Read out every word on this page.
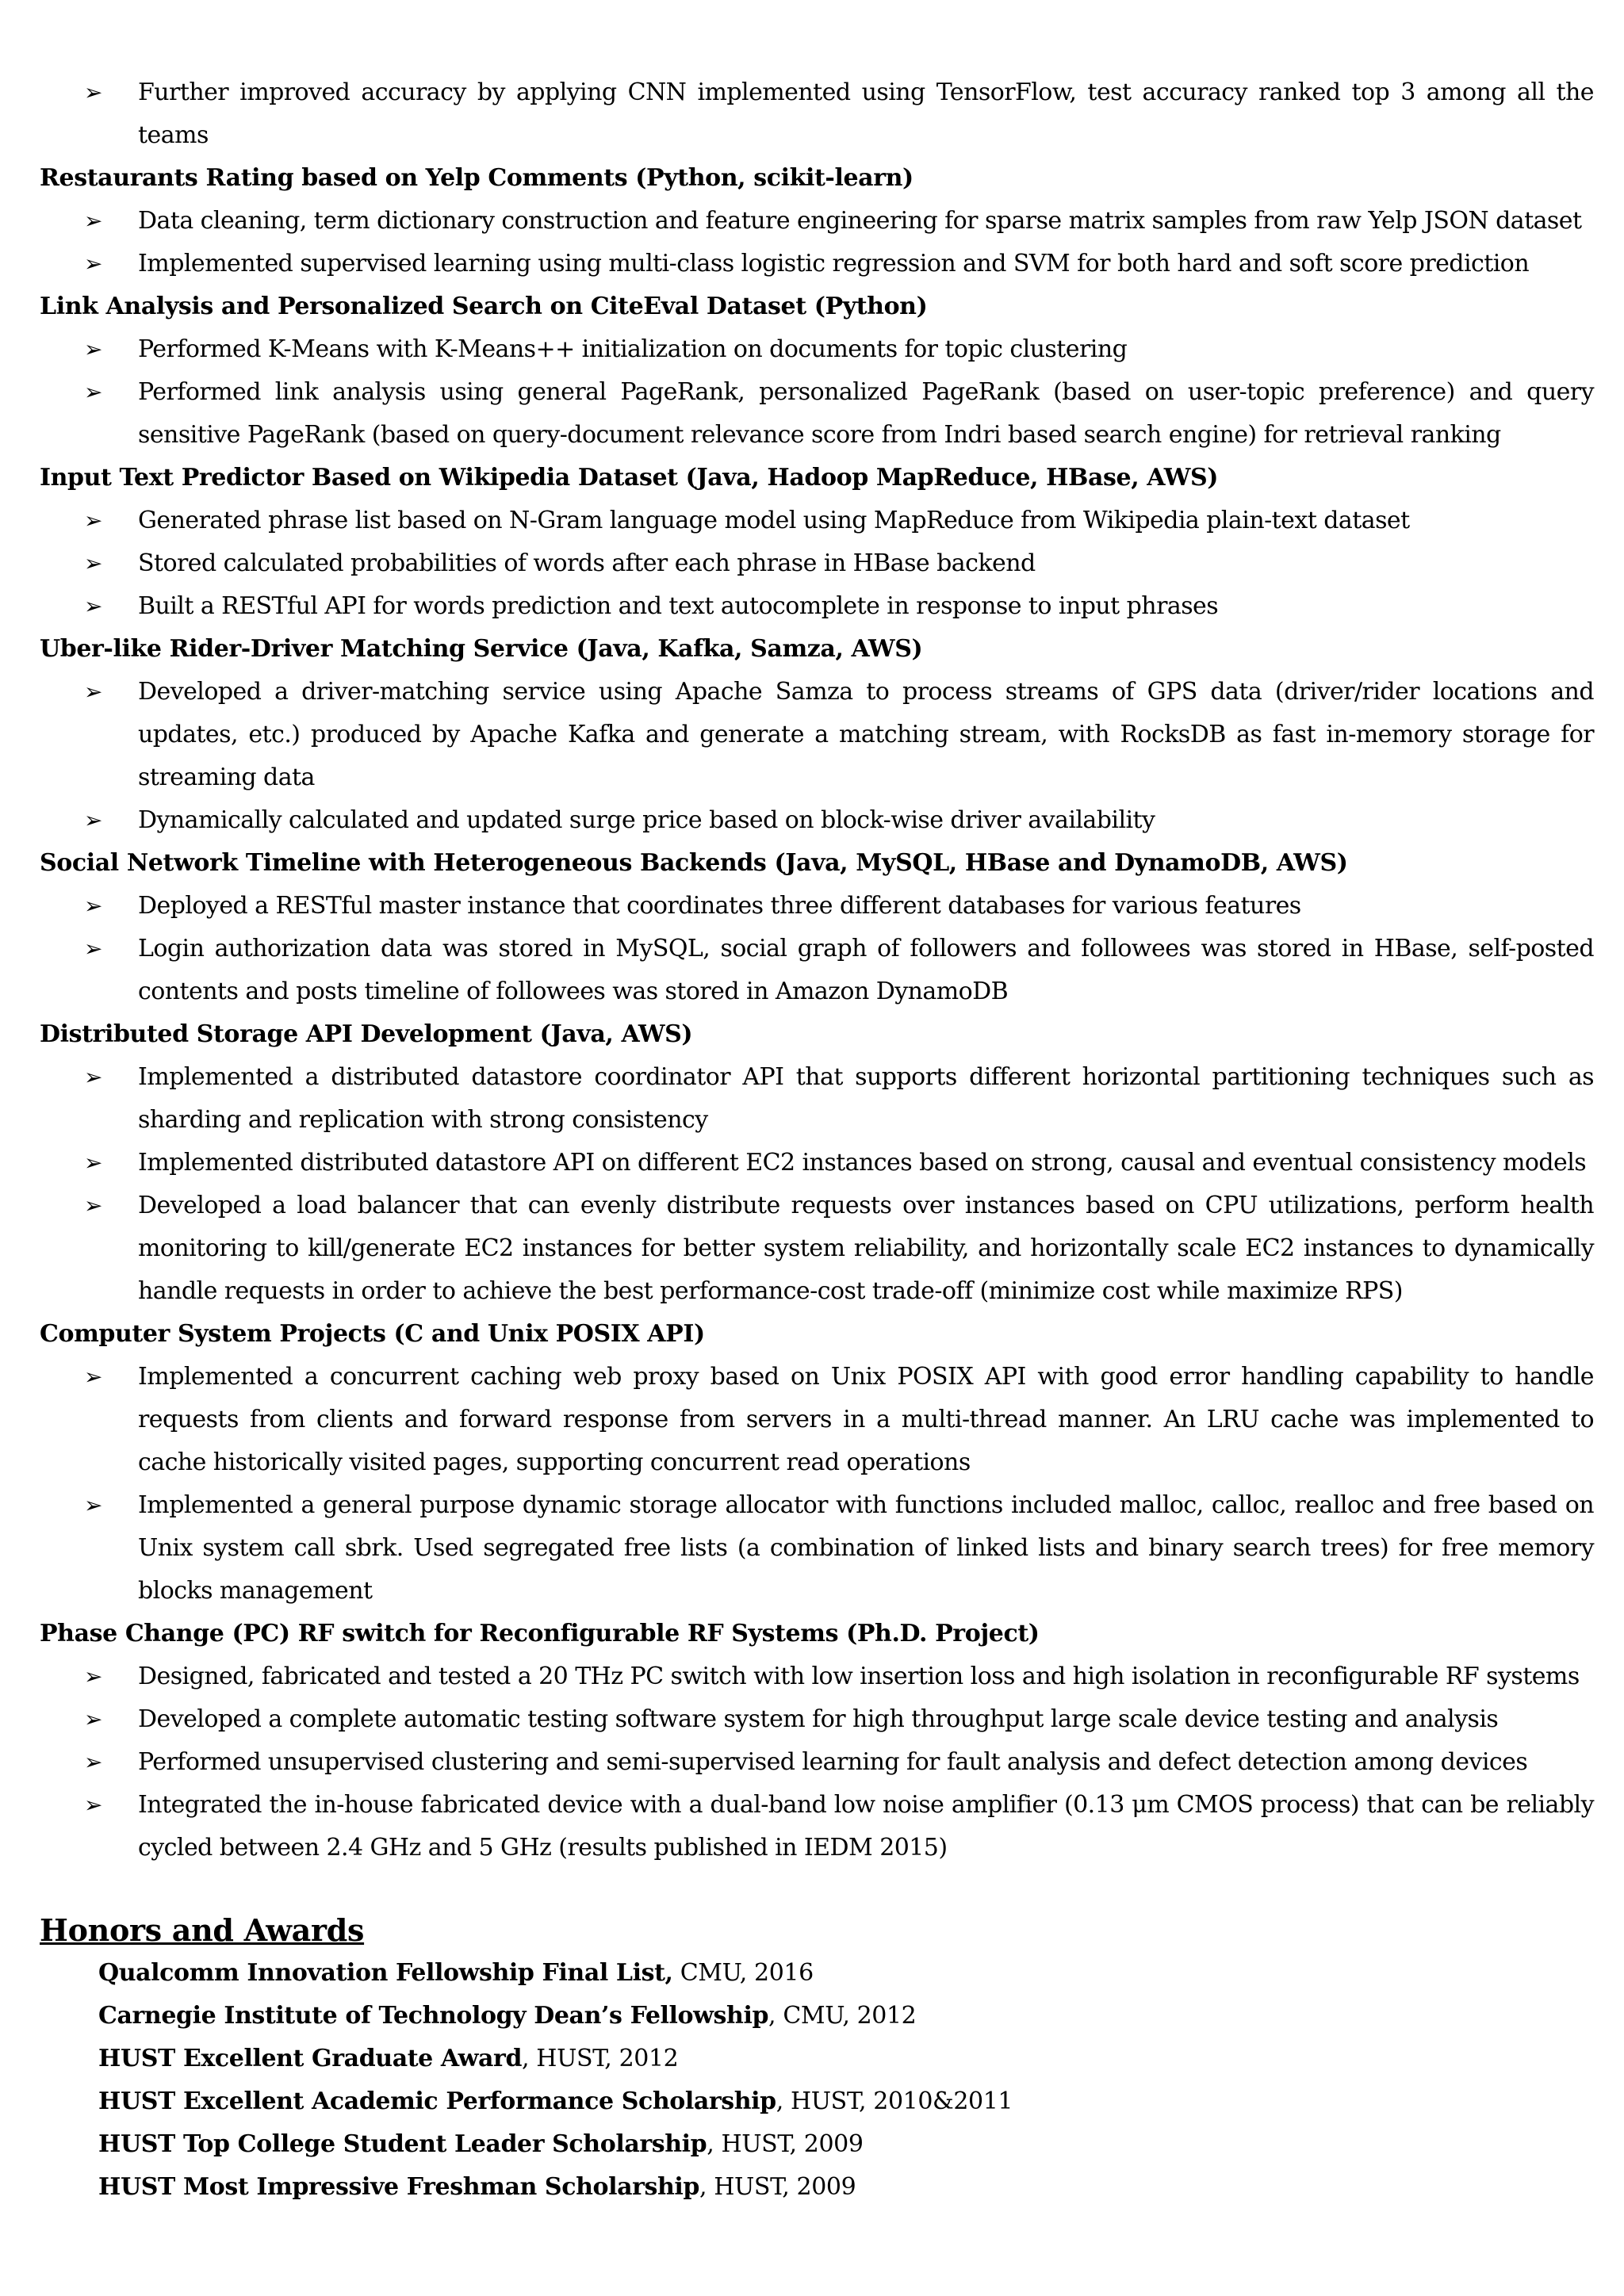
➢ Further improved accuracy by applying CNN implemented using TensorFlow, test accuracy ranked top 3 among all the teams
Restaurants Rating based on Yelp Comments (Python, scikit-learn)
➢ Data cleaning, term dictionary construction and feature engineering for sparse matrix samples from raw Yelp JSON dataset
➢ Implemented supervised learning using multi-class logistic regression and SVM for both hard and soft score prediction
Link Analysis and Personalized Search on CiteEval Dataset (Python)
➢ Performed K-Means with K-Means++ initialization on documents for topic clustering
➢ Performed link analysis using general PageRank, personalized PageRank (based on user-topic preference) and query sensitive PageRank (based on query-document relevance score from Indri based search engine) for retrieval ranking
Input Text Predictor Based on Wikipedia Dataset (Java, Hadoop MapReduce, HBase, AWS)
➢ Generated phrase list based on N-Gram language model using MapReduce from Wikipedia plain-text dataset
➢ Stored calculated probabilities of words after each phrase in HBase backend
➢ Built a RESTful API for words prediction and text autocomplete in response to input phrases
Uber-like Rider-Driver Matching Service (Java, Kafka, Samza, AWS)
➢ Developed a driver-matching service using Apache Samza to process streams of GPS data (driver/rider locations and updates, etc.) produced by Apache Kafka and generate a matching stream, with RocksDB as fast in-memory storage for streaming data
➢ Dynamically calculated and updated surge price based on block-wise driver availability
Social Network Timeline with Heterogeneous Backends (Java, MySQL, HBase and DynamoDB, AWS)
➢ Deployed a RESTful master instance that coordinates three different databases for various features
➢ Login authorization data was stored in MySQL, social graph of followers and followees was stored in HBase, self-posted contents and posts timeline of followees was stored in Amazon DynamoDB
Distributed Storage API Development (Java, AWS)
➢ Implemented a distributed datastore coordinator API that supports different horizontal partitioning techniques such as sharding and replication with strong consistency
➢ Implemented distributed datastore API on different EC2 instances based on strong, causal and eventual consistency models
➢ Developed a load balancer that can evenly distribute requests over instances based on CPU utilizations, perform health monitoring to kill/generate EC2 instances for better system reliability, and horizontally scale EC2 instances to dynamically handle requests in order to achieve the best performance-cost trade-off (minimize cost while maximize RPS)
Computer System Projects (C and Unix POSIX API)
➢ Implemented a concurrent caching web proxy based on Unix POSIX API with good error handling capability to handle requests from clients and forward response from servers in a multi-thread manner. An LRU cache was implemented to cache historically visited pages, supporting concurrent read operations
➢ Implemented a general purpose dynamic storage allocator with functions included malloc, calloc, realloc and free based on Unix system call sbrk. Used segregated free lists (a combination of linked lists and binary search trees) for free memory blocks management
Phase Change (PC) RF switch for Reconfigurable RF Systems (Ph.D. Project)
➢ Designed, fabricated and tested a 20 THz PC switch with low insertion loss and high isolation in reconfigurable RF systems
➢ Developed a complete automatic testing software system for high throughput large scale device testing and analysis
➢ Performed unsupervised clustering and semi-supervised learning for fault analysis and defect detection among devices
➢ Integrated the in-house fabricated device with a dual-band low noise amplifier (0.13 μm CMOS process) that can be reliably cycled between 2.4 GHz and 5 GHz (results published in IEDM 2015)
Honors and Awards
Qualcomm Innovation Fellowship Final List, CMU, 2016
Carnegie Institute of Technology Dean’s Fellowship, CMU, 2012
HUST Excellent Graduate Award, HUST, 2012
HUST Excellent Academic Performance Scholarship, HUST, 2010&2011
HUST Top College Student Leader Scholarship, HUST, 2009
HUST Most Impressive Freshman Scholarship, HUST, 2009
